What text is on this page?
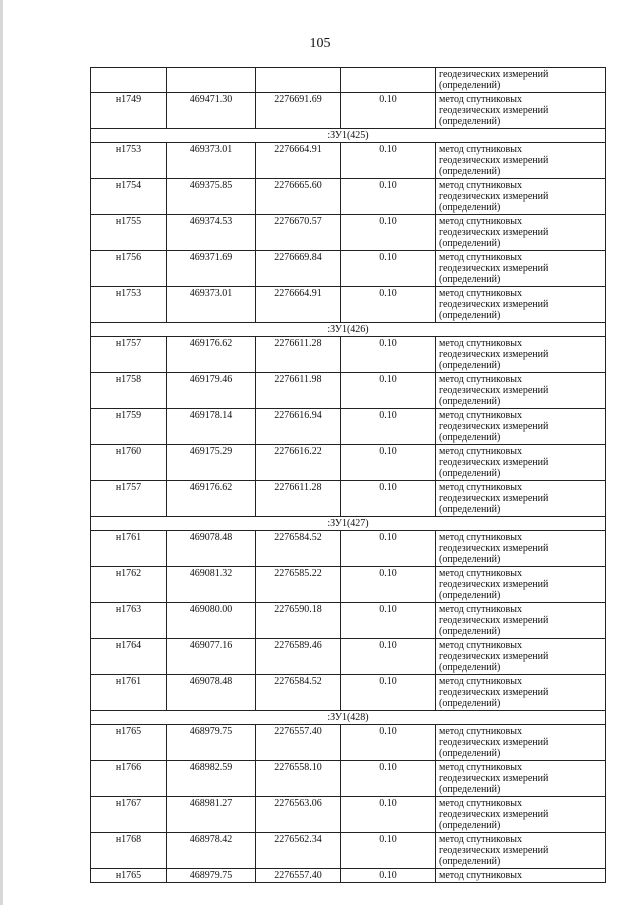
105

				геодезических измерений
(определений)

н1749	469471.30	2276691.69	0.10	метод спутниковых
геодезических измерений
(определений)

:ЗУ1(425)				
н1753	469373.01	2276664.91	0.10	метод спутниковых
геодезических измерений
(определений)

н1754	469375.85	2276665.60	0.10	метод спутниковых
геодезических измерений
(определений)

н1755	469374.53	2276670.57	0.10	метод спутниковых
геодезических измерений
(определений)

н1756	469371.69	2276669.84	0.10	метод спутниковых
геодезических измерений
(определений)

н1753	469373.01	2276664.91	0.10	метод спутниковых
геодезических измерений
(определений)

:ЗУ1(426)				
н1757	469176.62	2276611.28	0.10	метод спутниковых
геодезических измерений
(определений)

н1758	469179.46	2276611.98	0.10	метод спутниковых
геодезических измерений
(определений)

н1759	469178.14	2276616.94	0.10	метод спутниковых
геодезических измерений
(определений)

н1760	469175.29	2276616.22	0.10	метод спутниковых
геодезических измерений
(определений)

н1757	469176.62	2276611.28	0.10	метод спутниковых
геодезических измерений
(определений)

:ЗУ1(427)				
н1761	469078.48	2276584.52	0.10	метод спутниковых
геодезических измерений
(определений)

н1762	469081.32	2276585.22	0.10	метод спутниковых
геодезических измерений
(определений)

н1763	469080.00	2276590.18	0.10	метод спутниковых
геодезических измерений
(определений)

н1764	469077.16	2276589.46	0.10	метод спутниковых
геодезических измерений
(определений)

н1761	469078.48	2276584.52	0.10	метод спутниковых
геодезических измерений
(определений)

:ЗУ1(428)				
н1765	468979.75	2276557.40	0.10	метод спутниковых
геодезических измерений
(определений)

н1766	468982.59	2276558.10	0.10	метод спутниковых
геодезических измерений
(определений)

н1767	468981.27	2276563.06	0.10	метод спутниковых
геодезических измерений
(определений)

н1768	468978.42	2276562.34	0.10	метод спутниковых
геодезических измерений
(определений)

н1765	468979.75	2276557.40	0.10	метод спутниковых
